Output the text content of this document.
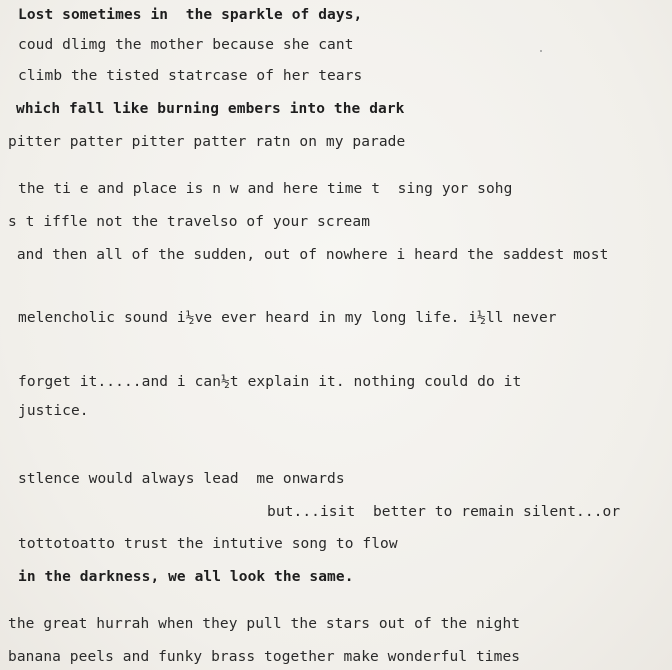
Lost sometimes in  the sparkle of days,
coud dlimg the mother because she cant
climb the tisted statrcase of her tears
which fall like burning embers into the dark
pitter patter pitter patter ratn on my parade
the ti e and place is n w and here time t  sing yor sohg
s t iffle not the travelso of your scream
and then all of the sudden, out of nowhere i heard the saddest most
melencholic sound i½ve ever heard in my long life. i½ll never
forget it.....and i can½t explain it. nothing could do it
justice.
stlence would always lead  me onwards
but...isit  better to remain silent...or
tottotoatto trust the intutive song to flow
in the darkness, we all look the same.
the great hurrah when they pull the stars out of the night
banana peels and funky brass together make wonderful times
